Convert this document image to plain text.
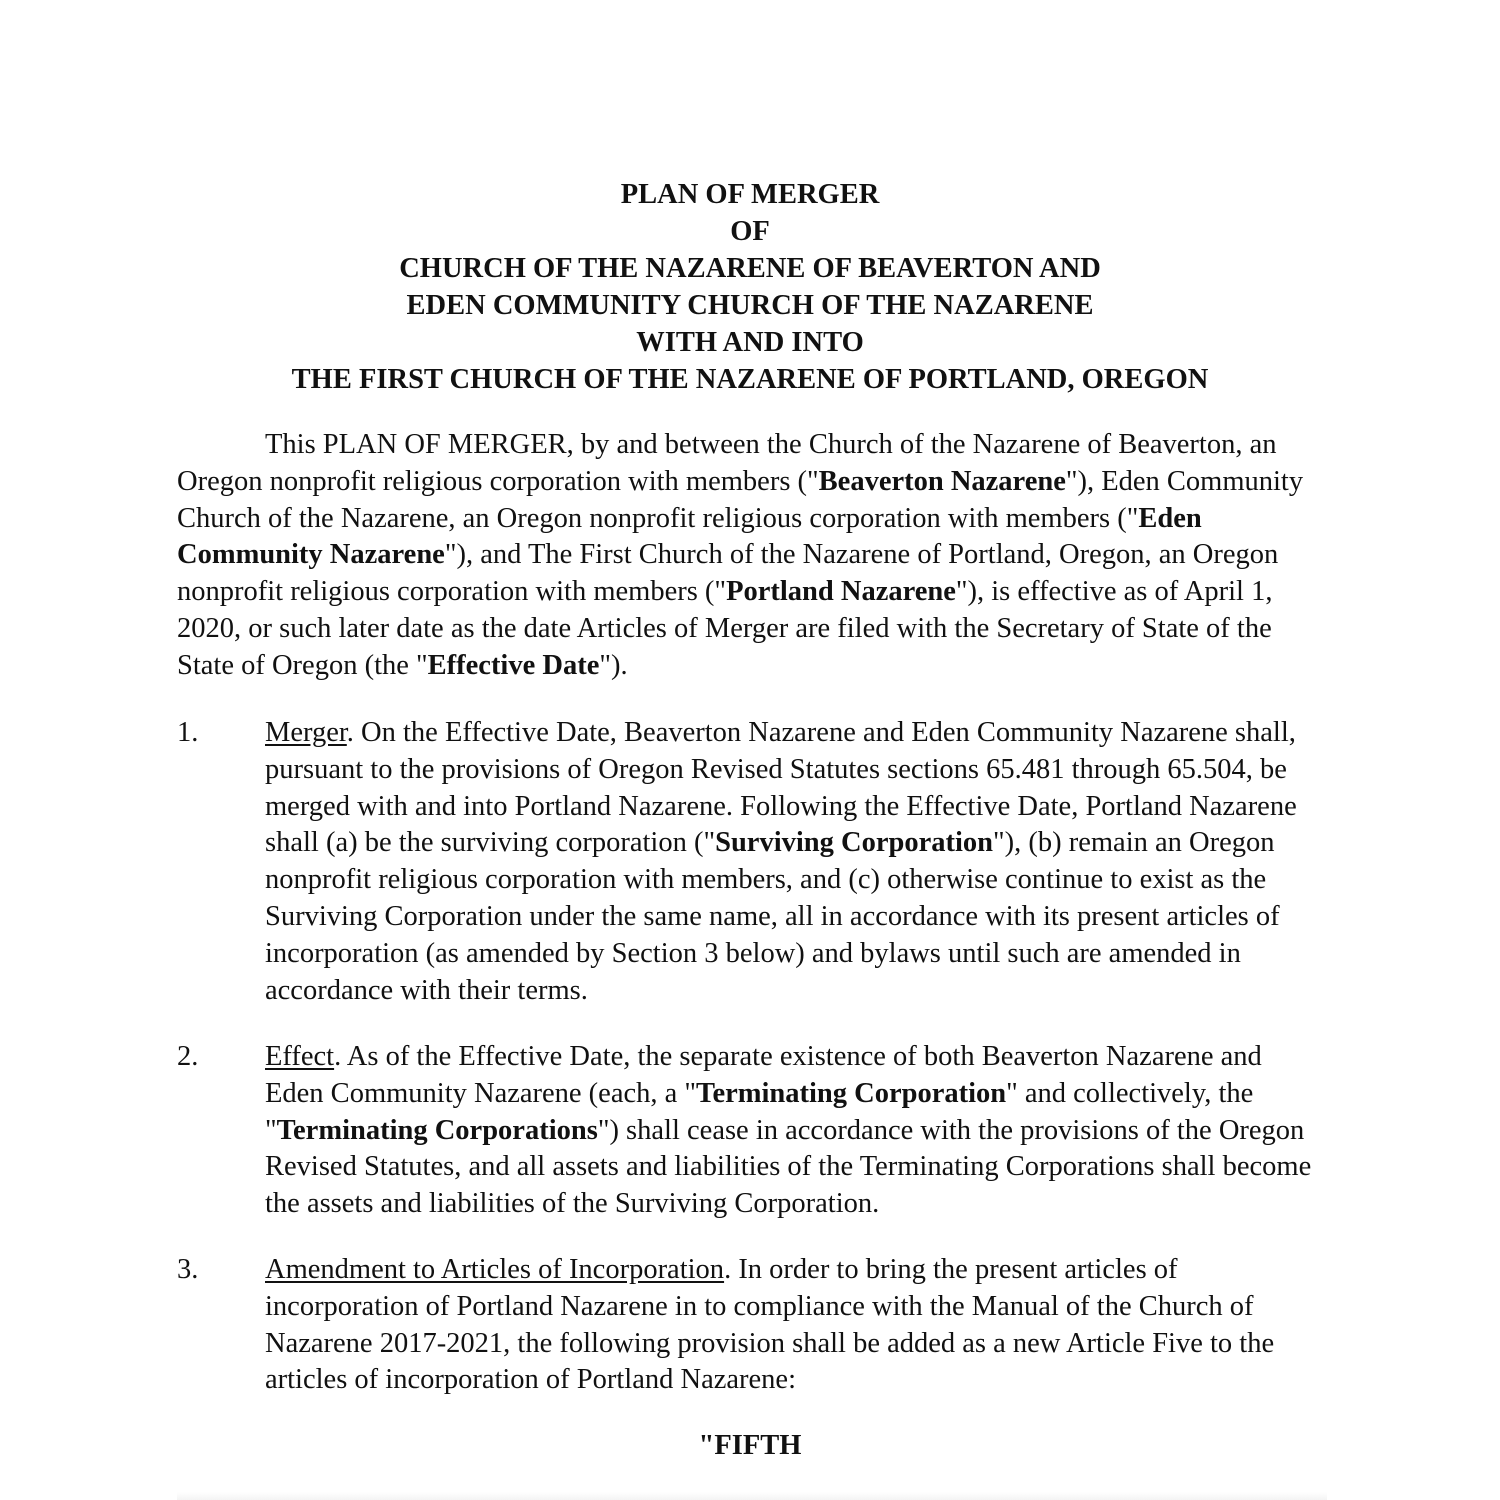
PLAN OF MERGER
OF
CHURCH OF THE NAZARENE OF BEAVERTON AND
EDEN COMMUNITY CHURCH OF THE NAZARENE
WITH AND INTO
THE FIRST CHURCH OF THE NAZARENE OF PORTLAND, OREGON

This PLAN OF MERGER, by and between the Church of the Nazarene of Beaverton, an Oregon nonprofit religious corporation with members ("Beaverton Nazarene"), Eden Community Church of the Nazarene, an Oregon nonprofit religious corporation with members ("Eden Community Nazarene"), and The First Church of the Nazarene of Portland, Oregon, an Oregon nonprofit religious corporation with members ("Portland Nazarene"), is effective as of April 1, 2020, or such later date as the date Articles of Merger are filed with the Secretary of State of the State of Oregon (the "Effective Date").

1. Merger. On the Effective Date, Beaverton Nazarene and Eden Community Nazarene shall, pursuant to the provisions of Oregon Revised Statutes sections 65.481 through 65.504, be merged with and into Portland Nazarene. Following the Effective Date, Portland Nazarene shall (a) be the surviving corporation ("Surviving Corporation"), (b) remain an Oregon nonprofit religious corporation with members, and (c) otherwise continue to exist as the Surviving Corporation under the same name, all in accordance with its present articles of incorporation (as amended by Section 3 below) and bylaws until such are amended in accordance with their terms.

2. Effect. As of the Effective Date, the separate existence of both Beaverton Nazarene and Eden Community Nazarene (each, a "Terminating Corporation" and collectively, the "Terminating Corporations") shall cease in accordance with the provisions of the Oregon Revised Statutes, and all assets and liabilities of the Terminating Corporations shall become the assets and liabilities of the Surviving Corporation.

3. Amendment to Articles of Incorporation. In order to bring the present articles of incorporation of Portland Nazarene in to compliance with the Manual of the Church of Nazarene 2017-2021, the following provision shall be added as a new Article Five to the articles of incorporation of Portland Nazarene:

"FIFTH
